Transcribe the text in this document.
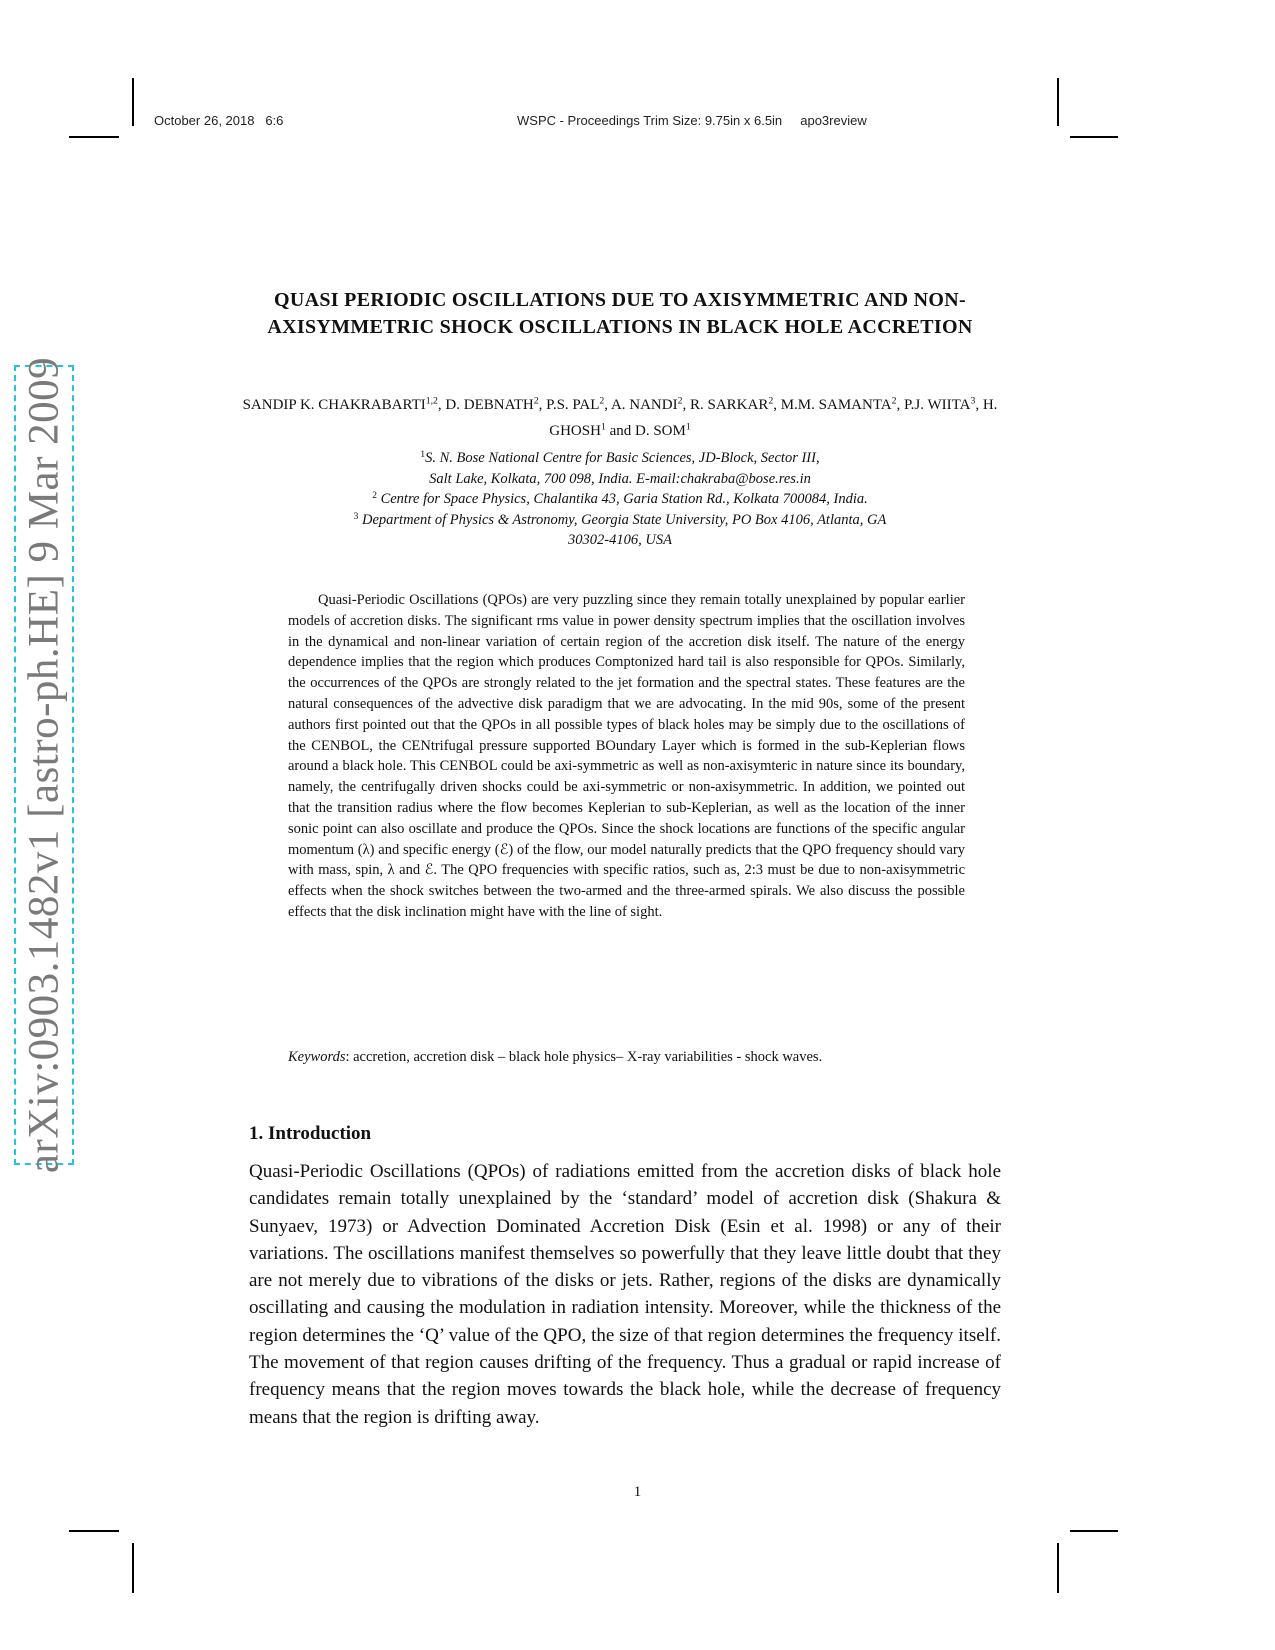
October 26, 2018 6:6	WSPC - Proceedings Trim Size: 9.75in x 6.5in apo3review
arXiv:0903.1482v1 [astro-ph.HE] 9 Mar 2009
QUASI PERIODIC OSCILLATIONS DUE TO AXISYMMETRIC AND NON-AXISYMMETRIC SHOCK OSCILLATIONS IN BLACK HOLE ACCRETION
SANDIP K. CHAKRABARTI$^{1,2}$, D. DEBNATH$^2$, P.S. PAL$^2$, A. NANDI$^2$, R. SARKAR$^2$, M.M. SAMANTA$^2$, P.J. WIITA$^3$, H. GHOSH$^1$ and D. SOM$^1$
$^1$S. N. Bose National Centre for Basic Sciences, JD-Block, Sector III,
Salt Lake, Kolkata, 700 098, India. E-mail:chakraba@bose.res.in
$^2$ Centre for Space Physics, Chalantika 43, Garia Station Rd., Kolkata 700084, India.
$^3$ Department of Physics & Astronomy, Georgia State University, PO Box 4106, Atlanta, GA
30302-4106, USA

Quasi-Periodic Oscillations (QPOs) are very puzzling since they remain totally unexplained by popular earlier models of accretion disks. The significant rms value in power density spectrum implies that the oscillation involves in the dynamical and non-linear variation of certain region of the accretion disk itself. The nature of the energy dependence implies that the region which produces Comptonized hard tail is also responsible for QPOs. Similarly, the occurrences of the QPOs are strongly related to the jet formation and the spectral states. These features are the natural consequences of the advective disk paradigm that we are advocating. In the mid 90s, some of the present authors first pointed out that the QPOs in all possible types of black holes may be simply due to the oscillations of the CENBOL, the CENtrifugal pressure supported BOundary Layer which is formed in the sub-Keplerian flows around a black hole. This CENBOL could be axi-symmetric as well as non-axisymteric in nature since its boundary, namely, the centrifugally driven shocks could be axi-symmetric or non-axisymmetric. In addition, we pointed out that the transition radius where the flow becomes Keplerian to sub-Keplerian, as well as the location of the inner sonic point can also oscillate and produce the QPOs. Since the shock locations are functions of the specific angular momentum (λ) and specific energy (ℰ) of the flow, our model naturally predicts that the QPO frequency should vary with mass, spin, λ and ℰ. The QPO frequencies with specific ratios, such as, 2:3 must be due to non-axisymmetric effects when the shock switches between the two-armed and the three-armed spirals. We also discuss the possible effects that the disk inclination might have with the line of sight.

Keywords: accretion, accretion disk – black hole physics– X-ray variabilities - shock waves.

1. Introduction

Quasi-Periodic Oscillations (QPOs) of radiations emitted from the accretion disks of black hole candidates remain totally unexplained by the ‘standard’ model of accretion disk (Shakura & Sunyaev, 1973) or Advection Dominated Accretion Disk (Esin et al. 1998) or any of their variations. The oscillations manifest themselves so powerfully that they leave little doubt that they are not merely due to vibrations of the disks or jets. Rather, regions of the disks are dynamically oscillating and causing the modulation in radiation intensity. Moreover, while the thickness of the region determines the ‘Q’ value of the QPO, the size of that region determines the frequency itself. The movement of that region causes drifting of the frequency. Thus a gradual or rapid increase of frequency means that the region moves towards the black hole, while the decrease of frequency means that the region is drifting away.

1
